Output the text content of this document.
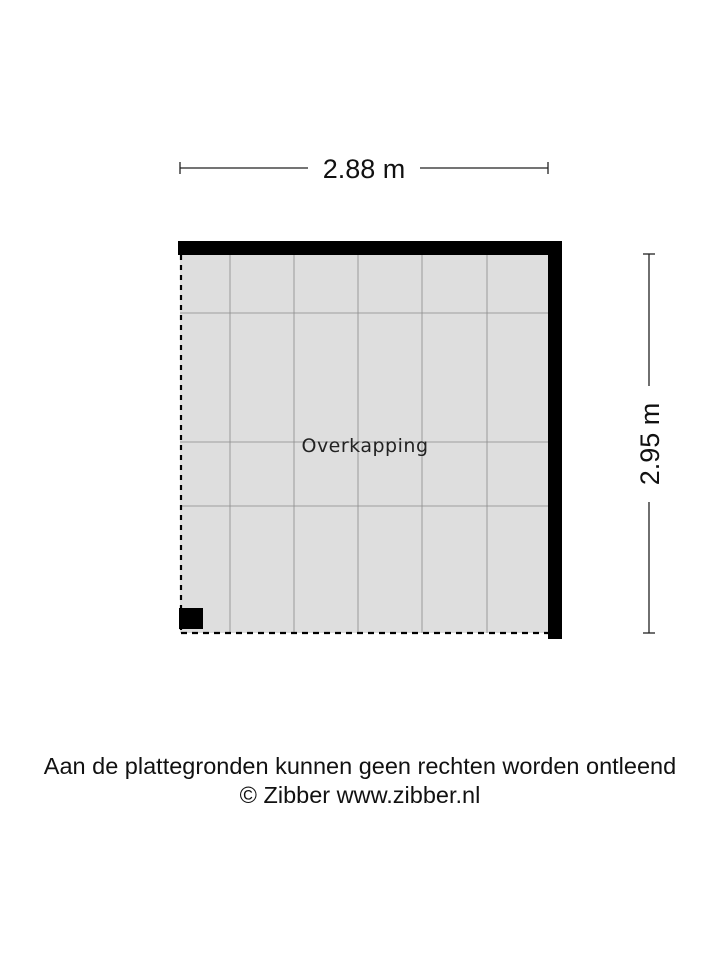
2.88 m
Overkapping	2.95 m
Aan de plattegronden kunnen geen rechten worden ontleend
© Zibber www.zibber.nl
